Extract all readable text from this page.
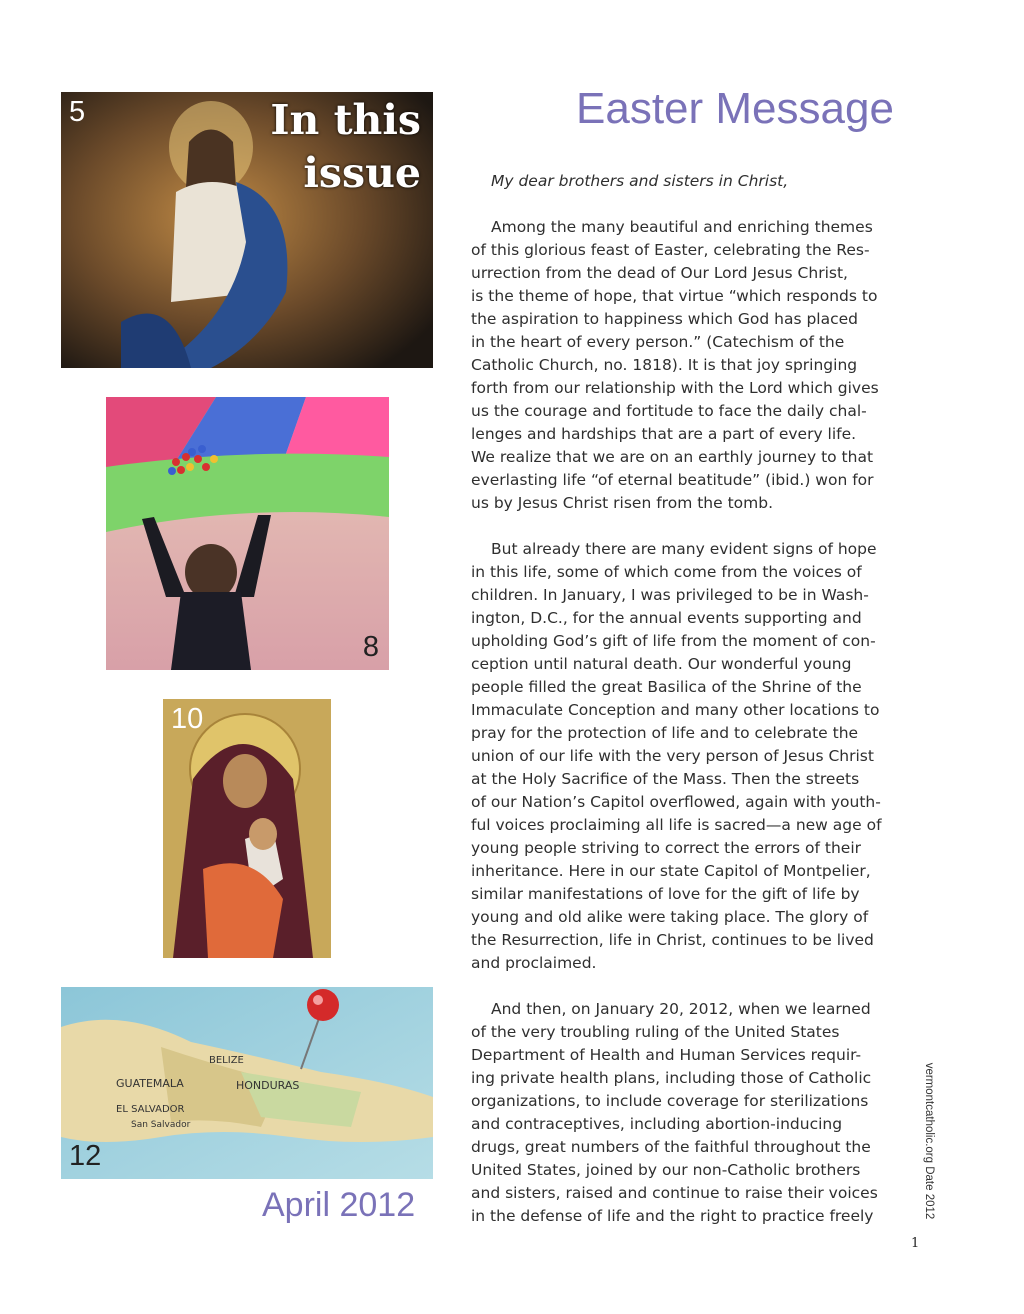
5	In this
issue
8
10
BELIZE
GUATEMALA	HONDURAS
EL SALVADOR
San Salvador
12
April 2012
Easter Message

My dear brothers and sisters in Christ,

Among the many beautiful and enriching themes
of this glorious feast of Easter, celebrating the Res-
urrection from the dead of Our Lord Jesus Christ,
is the theme of hope, that virtue “which responds to
the aspiration to happiness which God has placed
in the heart of every person.” (Catechism of the
Catholic Church, no. 1818). It is that joy springing
forth from our relationship with the Lord which gives
us the courage and fortitude to face the daily chal-
lenges and hardships that are a part of every life.
We realize that we are on an earthly journey to that
everlasting life “of eternal beatitude” (ibid.) won for
us by Jesus Christ risen from the tomb.

But already there are many evident signs of hope
in this life, some of which come from the voices of
children. In January, I was privileged to be in Wash-
ington, D.C., for the annual events supporting and
upholding God’s gift of life from the moment of con-
ception until natural death. Our wonderful young
people filled the great Basilica of the Shrine of the
Immaculate Conception and many other locations to
pray for the protection of life and to celebrate the
union of our life with the very person of Jesus Christ
at the Holy Sacrifice of the Mass. Then the streets
of our Nation’s Capitol overflowed, again with youth-
ful voices proclaiming all life is sacred—a new age of
young people striving to correct the errors of their
inheritance. Here in our state Capitol of Montpelier,
similar manifestations of love for the gift of life by
young and old alike were taking place. The glory of
the Resurrection, life in Christ, continues to be lived
and proclaimed.

And then, on January 20, 2012, when we learned
of the very troubling ruling of the United States
Department of Health and Human Services requir-
ing private health plans, including those of Catholic
organizations, to include coverage for sterilizations
and contraceptives, including abortion-inducing
drugs, great numbers of the faithful throughout the
United States, joined by our non-Catholic brothers
and sisters, raised and continue to raise their voices
in the defense of life and the right to practice freely	vermontcatholic.org Date 2012
1
